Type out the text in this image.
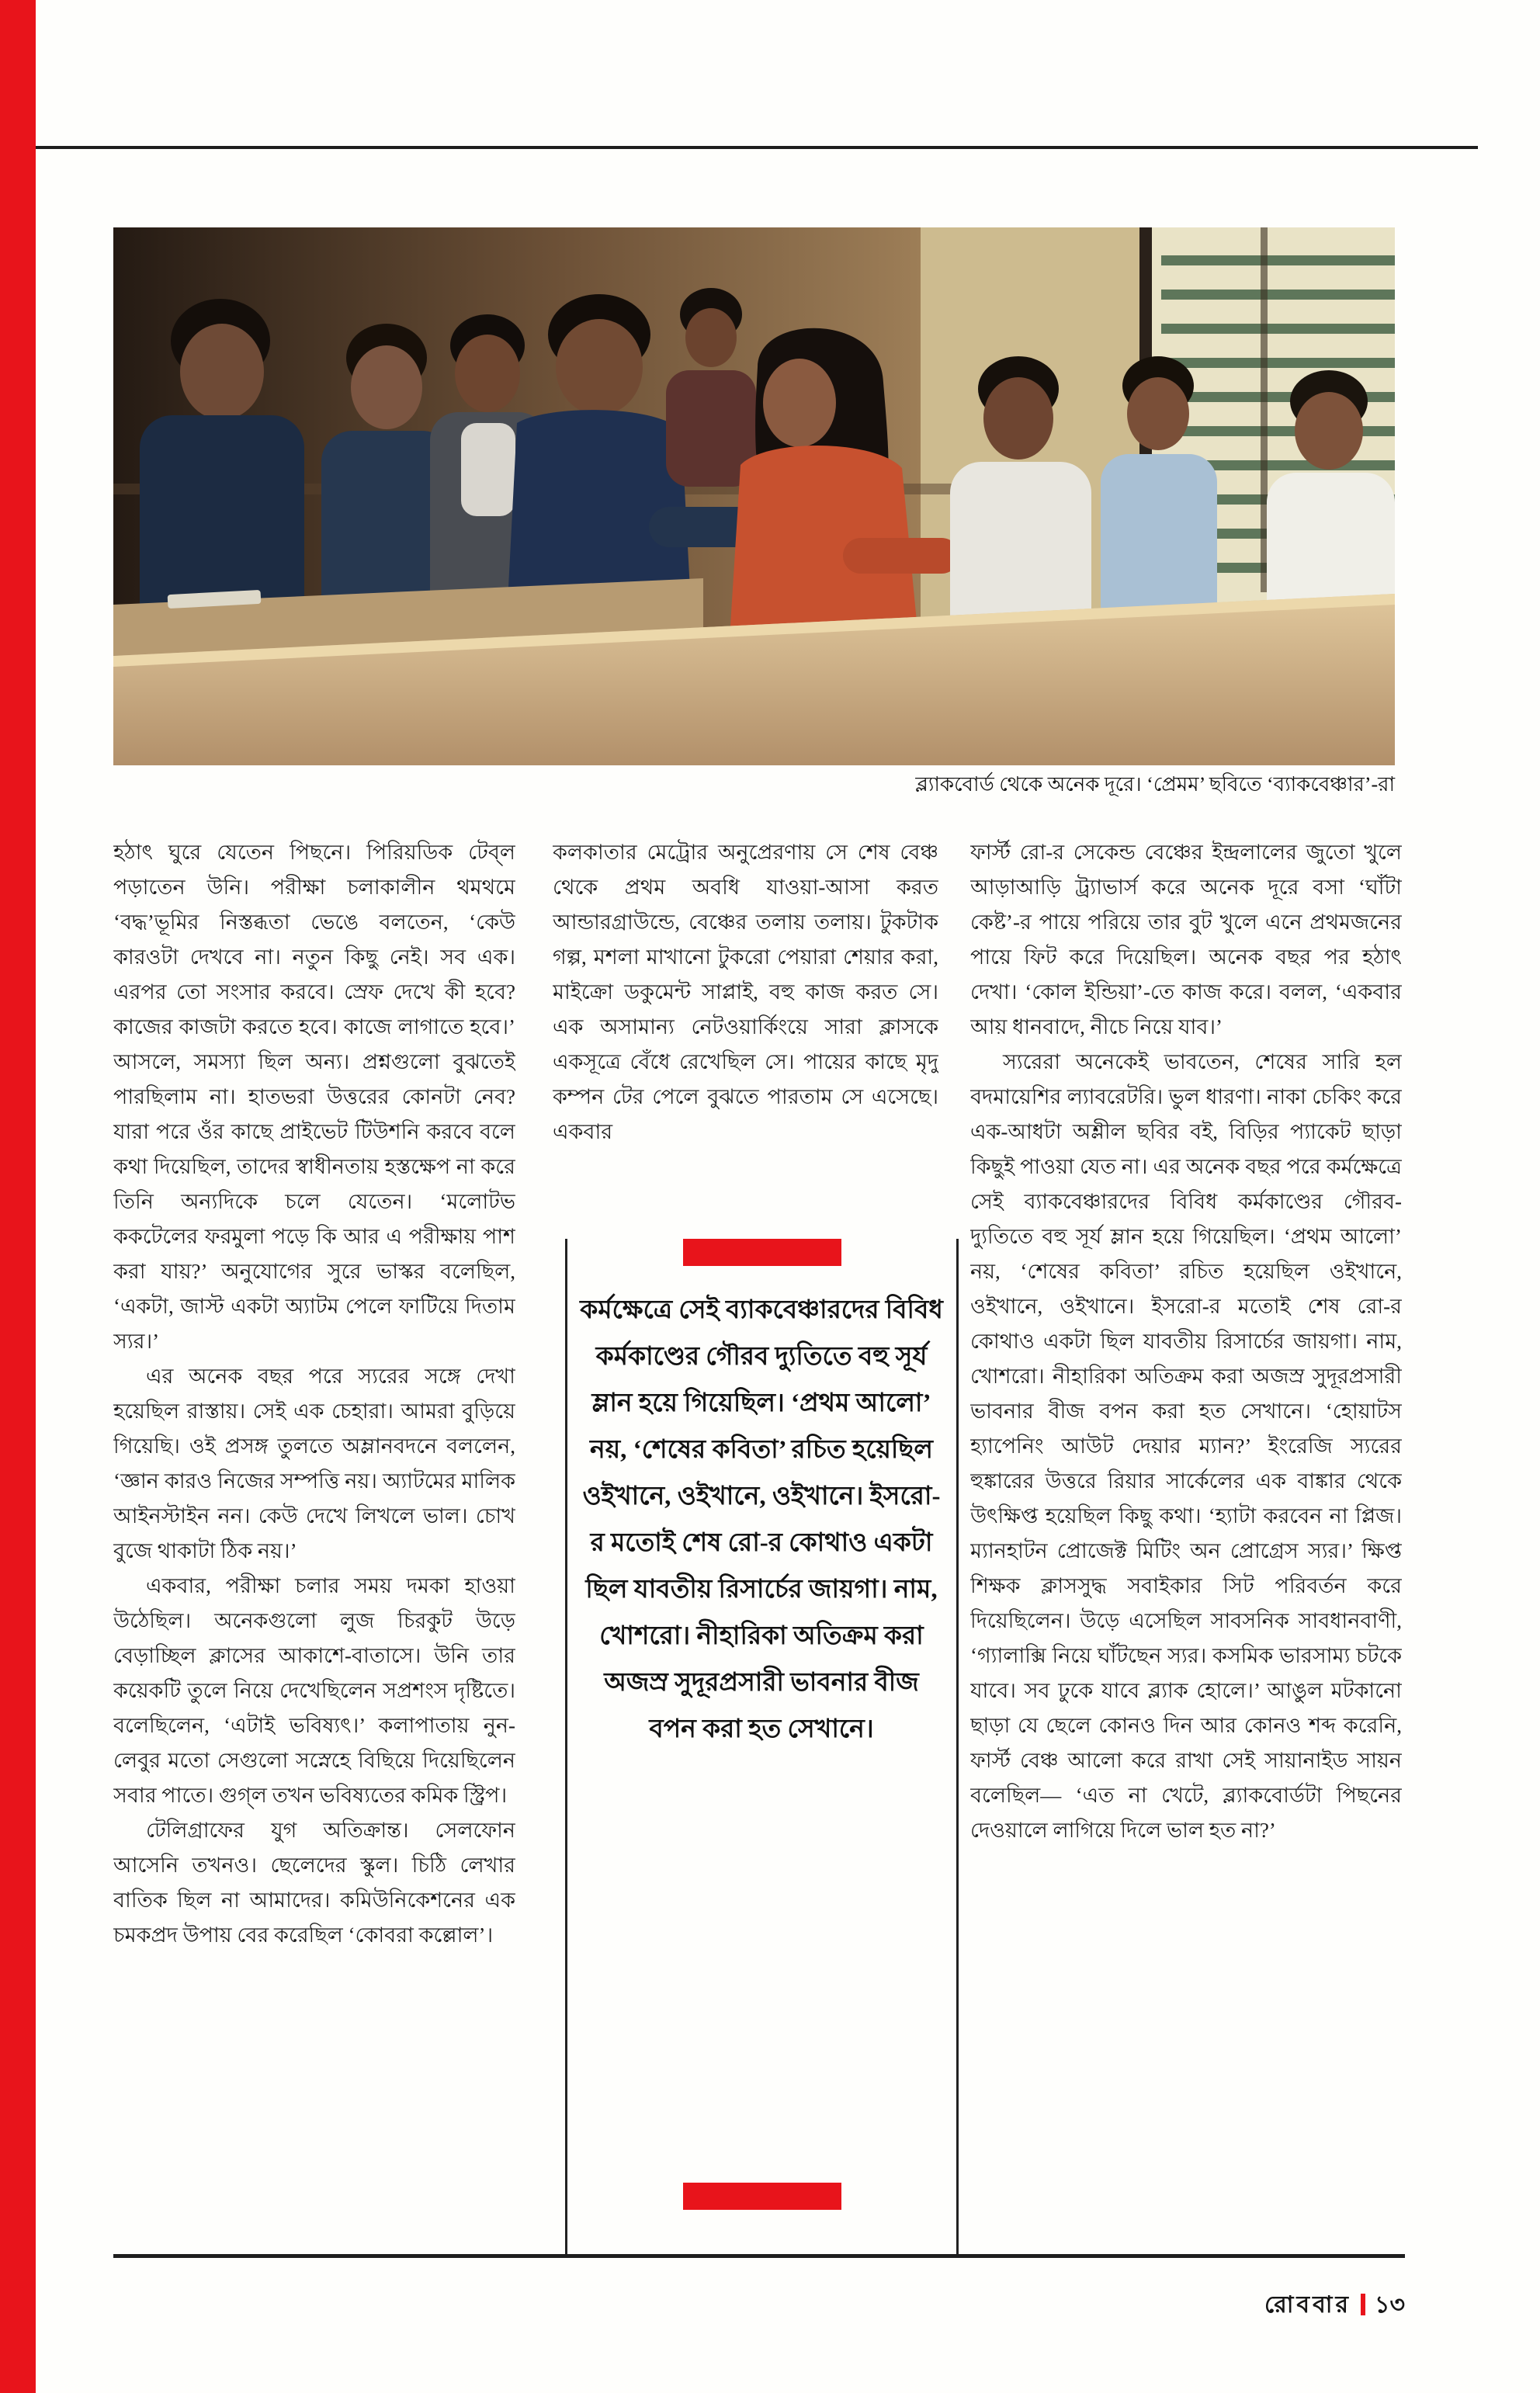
ব্ল্যাকবোর্ড থেকে অনেক দূরে। ‘প্রেমম’ ছবিতে ‘ব্যাকবেঞ্চার’-রা

হঠাৎ ঘুরে যেতেন পিছনে। পিরিয়ডিক টেব্‌ল পড়াতেন উনি। পরীক্ষা চলাকালীন থমথমে ‘বদ্ধ’ভূমির নিস্তব্ধতা ভেঙে বলতেন, ‘কেউ কারওটা দেখবে না। নতুন কিছু নেই। সব এক। এরপর তো সংসার করবে। স্রেফ দেখে কী হবে? কাজের কাজটা করতে হবে। কাজে লাগাতে হবে।’ আসলে, সমস্যা ছিল অন্য। প্রশ্নগুলো বুঝতেই পারছিলাম না। হাতভরা উত্তরের কোনটা নেব? যারা পরে ওঁর কাছে প্রাইভেট টিউশনি করবে বলে কথা দিয়েছিল, তাদের স্বাধীনতায় হস্তক্ষেপ না করে তিনি অন্যদিকে চলে যেতেন। ‘মলোটভ ককটেলের ফরমুলা পড়ে কি আর এ পরীক্ষায় পাশ করা যায়?’ অনুযোগের সুরে ভাস্কর বলেছিল, ‘একটা, জাস্ট একটা অ্যাটম পেলে ফাটিয়ে দিতাম স্যর।’

এর অনেক বছর পরে স্যরের সঙ্গে দেখা হয়েছিল রাস্তায়। সেই এক চেহারা। আমরা বুড়িয়ে গিয়েছি। ওই প্রসঙ্গ তুলতে অম্লানবদনে বললেন, ‘জ্ঞান কারও নিজের সম্পত্তি নয়। অ্যাটমের মালিক আইনস্টাইন নন। কেউ দেখে লিখলে ভাল। চোখ বুজে থাকাটা ঠিক নয়।’

একবার, পরীক্ষা চলার সময় দমকা হাওয়া উঠেছিল। অনেকগুলো লুজ চিরকুট উড়ে বেড়াচ্ছিল ক্লাসের আকাশে-বাতাসে। উনি তার কয়েকটি তুলে নিয়ে দেখেছিলেন সপ্রশংস দৃষ্টিতে। বলেছিলেন, ‘এটাই ভবিষ্যৎ।’ কলাপাতায় নুন-লেবুর মতো সেগুলো সস্নেহে বিছিয়ে দিয়েছিলেন সবার পাতে। গুগ্‌ল তখন ভবিষ্যতের কমিক স্ট্রিপ।

টেলিগ্রাফের যুগ অতিক্রান্ত। সেলফোন আসেনি তখনও। ছেলেদের স্কুল। চিঠি লেখার বাতিক ছিল না আমাদের। কমিউনিকেশনের এক চমকপ্রদ উপায় বের করেছিল ‘কোবরা কল্লোল’।

কলকাতার মেট্রোর অনুপ্রেরণায় সে শেষ বেঞ্চ থেকে প্রথম অবধি যাওয়া-আসা করত আন্ডারগ্রাউন্ডে, বেঞ্চের তলায় তলায়। টুকটাক গল্প, মশলা মাখানো টুকরো পেয়ারা শেয়ার করা, মাইক্রো ডকুমেন্ট সাপ্লাই, বহু কাজ করত সে। এক অসামান্য নেটওয়ার্কিংয়ে সারা ক্লাসকে একসূত্রে বেঁধে রেখেছিল সে। পায়ের কাছে মৃদু কম্পন টের পেলে বুঝতে পারতাম সে এসেছে। একবার

কর্মক্ষেত্রে সেই ব্যাকবেঞ্চারদের বিবিধ কর্মকাণ্ডের গৌরব দ্যুতিতে বহু সূর্য ম্লান হয়ে গিয়েছিল। ‘প্রথম আলো’ নয়, ‘শেষের কবিতা’ রচিত হয়েছিল ওইখানে, ওইখানে, ওইখানে। ইসরো-র মতোই শেষ রো-র কোথাও একটা ছিল যাবতীয় রিসার্চের জায়গা। নাম, খোশরো। নীহারিকা অতিক্রম করা অজস্র সুদূরপ্রসারী ভাবনার বীজ বপন করা হত সেখানে।

ফার্স্ট রো-র সেকেন্ড বেঞ্চের ইন্দ্রলালের জুতো খুলে আড়াআড়ি ট্র্যাভার্স করে অনেক দূরে বসা ‘ঘাঁটা কেষ্ট’-র পায়ে পরিয়ে তার বুট খুলে এনে প্রথমজনের পায়ে ফিট করে দিয়েছিল। অনেক বছর পর হঠাৎ দেখা। ‘কোল ইন্ডিয়া’-তে কাজ করে। বলল, ‘একবার আয় ধানবাদে, নীচে নিয়ে যাব।’

স্যরেরা অনেকেই ভাবতেন, শেষের সারি হল বদমায়েশির ল্যাবরেটরি। ভুল ধারণা। নাকা চেকিং করে এক-আধটা অশ্লীল ছবির বই, বিড়ির প্যাকেট ছাড়া কিছুই পাওয়া যেত না। এর অনেক বছর পরে কর্মক্ষেত্রে সেই ব্যাকবেঞ্চারদের বিবিধ কর্মকাণ্ডের গৌরব-দ্যুতিতে বহু সূর্য ম্লান হয়ে গিয়েছিল। ‘প্রথম আলো’ নয়, ‘শেষের কবিতা’ রচিত হয়েছিল ওইখানে, ওইখানে, ওইখানে। ইসরো-র মতোই শেষ রো-র কোথাও একটা ছিল যাবতীয় রিসার্চের জায়গা। নাম, খোশরো। নীহারিকা অতিক্রম করা অজস্র সুদূরপ্রসারী ভাবনার বীজ বপন করা হত সেখানে। ‘হোয়াটস হ্যাপেনিং আউট দেয়ার ম্যান?’ ইংরেজি স্যরের হুঙ্কারের উত্তরে রিয়ার সার্কেলের এক বাঙ্কার থেকে উৎক্ষিপ্ত হয়েছিল কিছু কথা। ‘হ্যাটা করবেন না প্লিজ। ম্যানহাটন প্রোজেক্ট মিটিং অন প্রোগ্রেস স্যর।’ ক্ষিপ্ত শিক্ষক ক্লাসসুদ্ধ সবাইকার সিট পরিবর্তন করে দিয়েছিলেন। উড়ে এসেছিল সাবসনিক সাবধানবাণী, ‘গ্যালাক্সি নিয়ে ঘাঁটছেন স্যর। কসমিক ভারসাম্য চটকে যাবে। সব ঢুকে যাবে ব্ল্যাক হোলে।’ আঙুল মটকানো ছাড়া যে ছেলে কোনও দিন আর কোনও শব্দ করেনি, ফার্স্ট বেঞ্চ আলো করে রাখা সেই সায়ানাইড সায়ন বলেছিল— ‘এত না খেটে, ব্ল্যাকবোর্ডটা পিছনের দেওয়ালে লাগিয়ে দিলে ভাল হত না?’

রোববার ১৩
